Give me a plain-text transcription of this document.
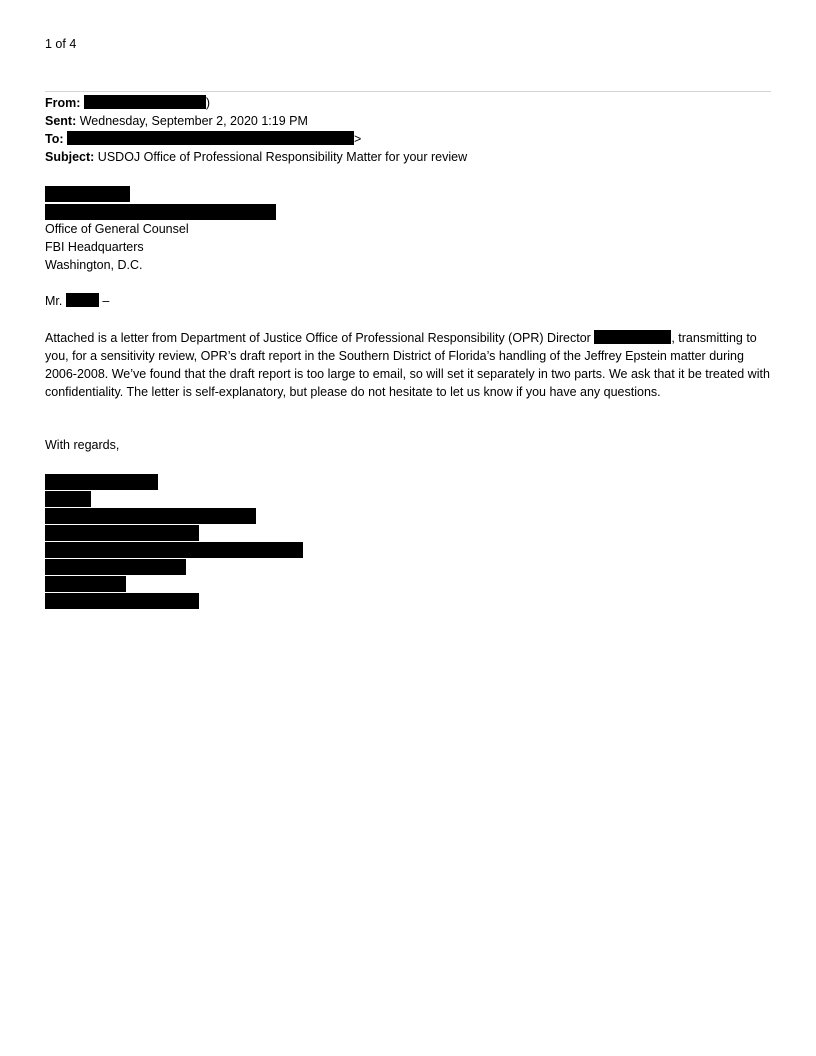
1 of 4
From:	)
Sent: Wednesday, September 2, 2020 1:19 PM
To:	>
Subject: USDOJ Office of Professional Responsibility Matter for your review
Office of General Counsel
FBI Headquarters
Washington, D.C.
Mr.	–
Attached is a letter from Department of Justice Office of Professional Responsibility (OPR) Director	, transmitting to you, for a sensitivity review, OPR’s draft report in the Southern District of Florida’s handling of the Jeffrey Epstein matter during 2006-2008. We’ve found that the draft report is too large to email, so will set it separately in two parts. We ask that it be treated with confidentiality. The letter is self-explanatory, but please do not hesitate to let us know if you have any questions.
With regards,
